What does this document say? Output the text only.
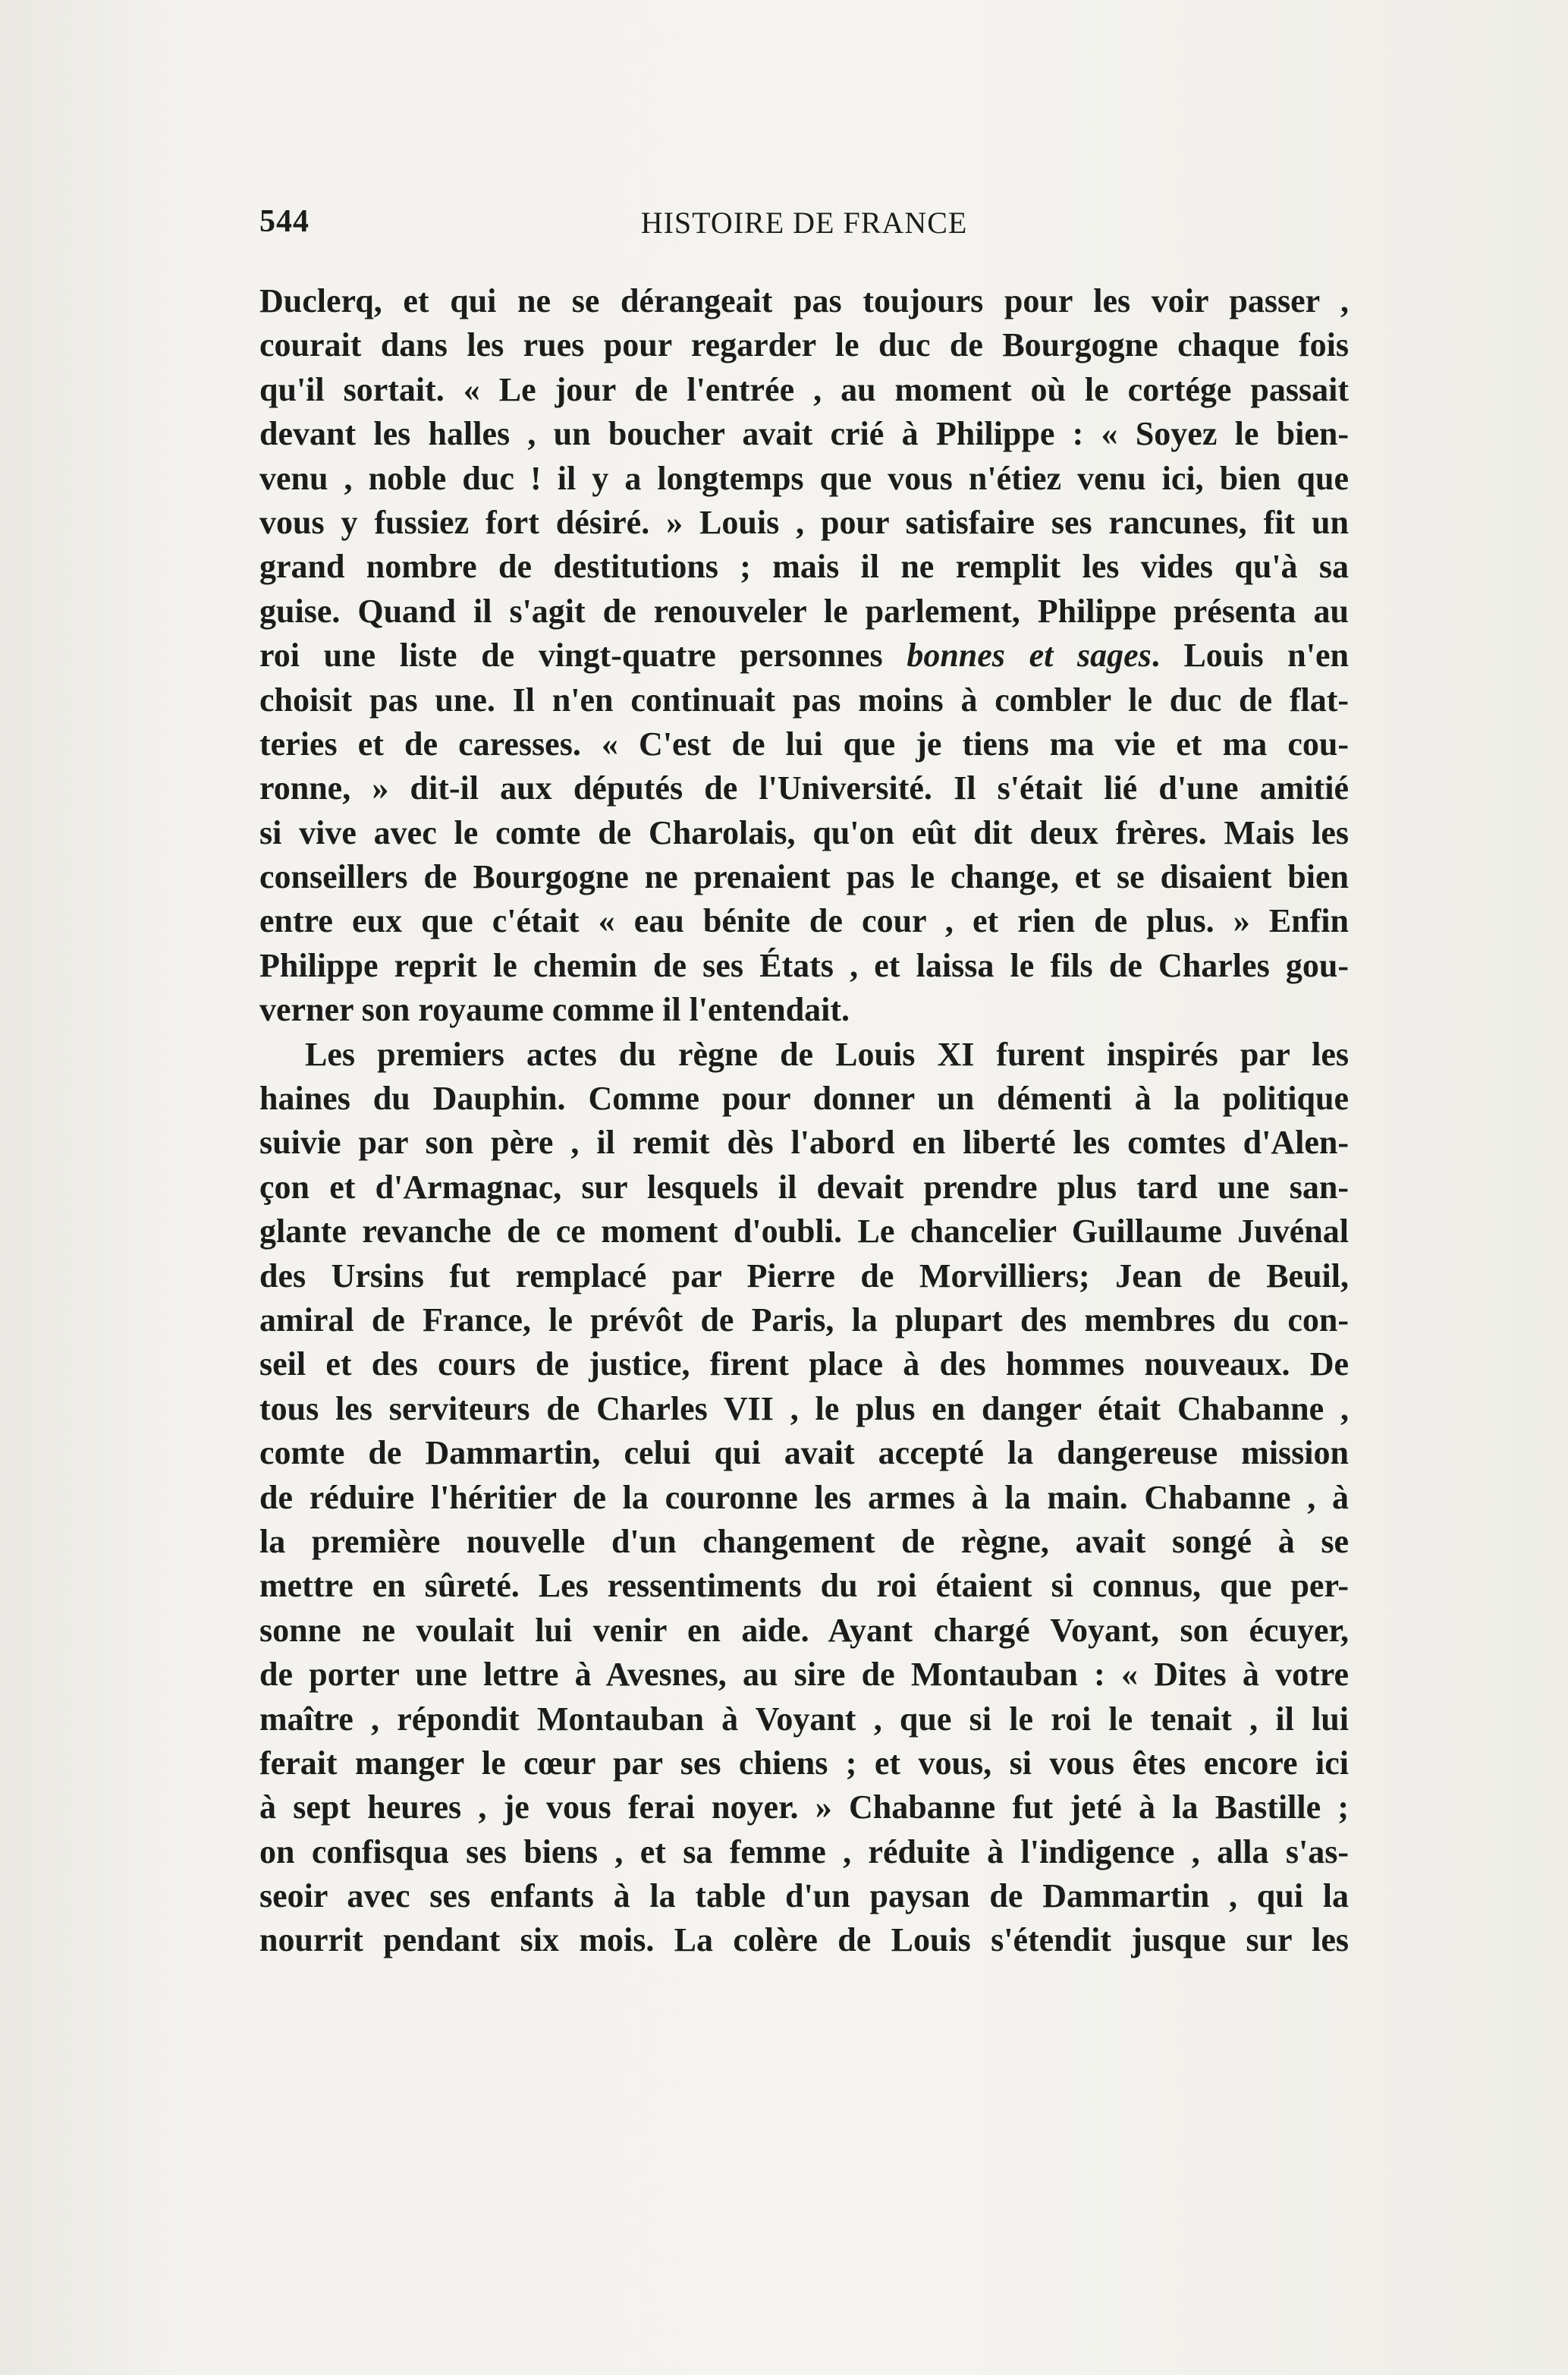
544	HISTOIRE DE FRANCE
Duclerq, et qui ne se dérangeait pas toujours pour les voir passer ,
courait dans les rues pour regarder le duc de Bourgogne chaque fois
qu'il sortait. « Le jour de l'entrée , au moment où le cortége passait
devant les halles , un boucher avait crié à Philippe : « Soyez le bien-
venu , noble duc ! il y a longtemps que vous n'étiez venu ici, bien que
vous y fussiez fort désiré. » Louis , pour satisfaire ses rancunes, fit un
grand nombre de destitutions ; mais il ne remplit les vides qu'à sa
guise. Quand il s'agit de renouveler le parlement, Philippe présenta au
roi une liste de vingt-quatre personnes bonnes et sages. Louis n'en
choisit pas une. Il n'en continuait pas moins à combler le duc de flat-
teries et de caresses. « C'est de lui que je tiens ma vie et ma cou-
ronne, » dit-il aux députés de l'Université. Il s'était lié d'une amitié
si vive avec le comte de Charolais, qu'on eût dit deux frères. Mais les
conseillers de Bourgogne ne prenaient pas le change, et se disaient bien
entre eux que c'était « eau bénite de cour , et rien de plus. » Enfin
Philippe reprit le chemin de ses États , et laissa le fils de Charles gou-
verner son royaume comme il l'entendait.
Les premiers actes du règne de Louis XI furent inspirés par les
haines du Dauphin. Comme pour donner un démenti à la politique
suivie par son père , il remit dès l'abord en liberté les comtes d'Alen-
çon et d'Armagnac, sur lesquels il devait prendre plus tard une san-
glante revanche de ce moment d'oubli. Le chancelier Guillaume Juvénal
des Ursins fut remplacé par Pierre de Morvilliers; Jean de Beuil,
amiral de France, le prévôt de Paris, la plupart des membres du con-
seil et des cours de justice, firent place à des hommes nouveaux. De
tous les serviteurs de Charles VII , le plus en danger était Chabanne ,
comte de Dammartin, celui qui avait accepté la dangereuse mission
de réduire l'héritier de la couronne les armes à la main. Chabanne , à
la première nouvelle d'un changement de règne, avait songé à se
mettre en sûreté. Les ressentiments du roi étaient si connus, que per-
sonne ne voulait lui venir en aide. Ayant chargé Voyant, son écuyer,
de porter une lettre à Avesnes, au sire de Montauban : « Dites à votre
maître , répondit Montauban à Voyant , que si le roi le tenait , il lui
ferait manger le cœur par ses chiens ; et vous, si vous êtes encore ici
à sept heures , je vous ferai noyer. » Chabanne fut jeté à la Bastille ;
on confisqua ses biens , et sa femme , réduite à l'indigence , alla s'as-
seoir avec ses enfants à la table d'un paysan de Dammartin , qui la
nourrit pendant six mois. La colère de Louis s'étendit jusque sur les
